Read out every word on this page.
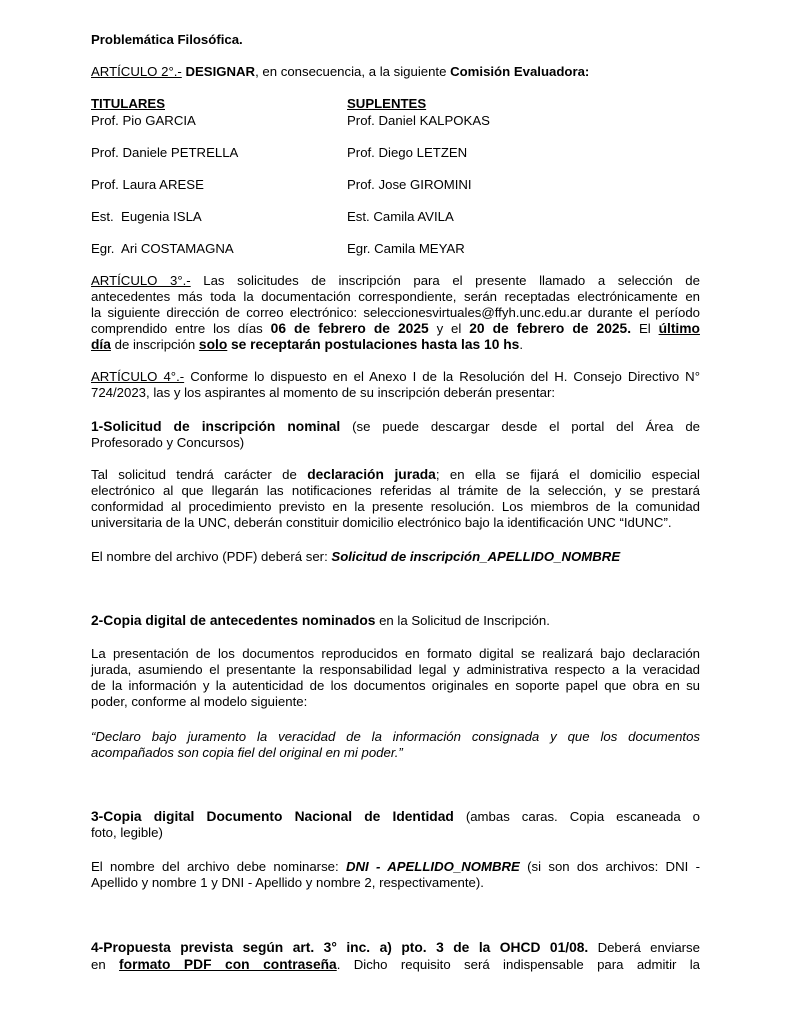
Problemática Filosófica.
ARTÍCULO 2°.- DESIGNAR, en consecuencia, a la siguiente Comisión Evaluadora:
TITULARES	SUPLENTES
Prof. Pio GARCIA	Prof. Daniel KALPOKAS
Prof. Daniele PETRELLA	Prof. Diego LETZEN
Prof. Laura ARESE	Prof. Jose GIROMINI
Est.  Eugenia ISLA	Est. Camila AVILA
Egr.  Ari COSTAMAGNA	Egr. Camila MEYAR
ARTÍCULO 3°.- Las solicitudes de inscripción para el presente llamado a selección de
antecedentes más toda la documentación correspondiente, serán receptadas electrónicamente en
la siguiente dirección de correo electrónico: seleccionesvirtuales@ffyh.unc.edu.ar durante el período
comprendido entre los días 06 de febrero de 2025 y el 20 de febrero de 2025. El último
día de inscripción solo se receptarán postulaciones hasta las 10 hs.
ARTÍCULO 4°.- Conforme lo dispuesto en el Anexo I de la Resolución del H. Consejo Directivo N°
724/2023, las y los aspirantes al momento de su inscripción deberán presentar:
1-Solicitud de inscripción nominal (se puede descargar desde el portal del Área de
Profesorado y Concursos)
Tal solicitud tendrá carácter de declaración jurada; en ella se fijará el domicilio especial
electrónico al que llegarán las notificaciones referidas al trámite de la selección, y se prestará
conformidad al procedimiento previsto en la presente resolución. Los miembros de la comunidad
universitaria de la UNC, deberán constituir domicilio electrónico bajo la identificación UNC “IdUNC”.
El nombre del archivo (PDF) deberá ser: Solicitud de inscripción_APELLIDO_NOMBRE
2-Copia digital de antecedentes nominados en la Solicitud de Inscripción.
La presentación de los documentos reproducidos en formato digital se realizará bajo declaración
jurada, asumiendo el presentante la responsabilidad legal y administrativa respecto a la veracidad
de la información y la autenticidad de los documentos originales en soporte papel que obra en su
poder, conforme al modelo siguiente:
“Declaro bajo juramento la veracidad de la información consignada y que los documentos
acompañados son copia fiel del original en mi poder.”
3-Copia digital Documento Nacional de Identidad (ambas caras. Copia escaneada o
foto, legible)
El nombre del archivo debe nominarse: DNI - APELLIDO_NOMBRE (si son dos archivos: DNI -
Apellido y nombre 1 y DNI - Apellido y nombre 2, respectivamente).
4-Propuesta prevista según art. 3° inc. a) pto. 3 de la OHCD 01/08. Deberá enviarse
en formato PDF con contraseña. Dicho requisito será indispensable para admitir la
